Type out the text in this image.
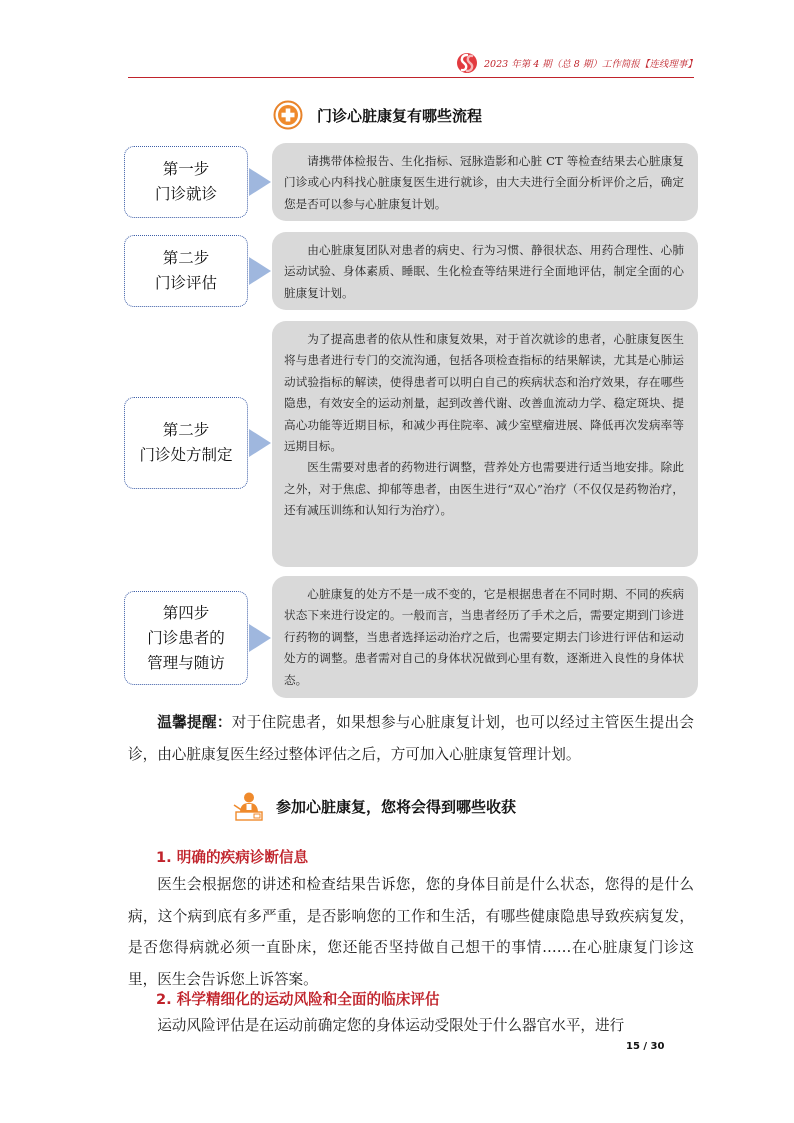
2023 年第 4 期（总 8 期）工作简报【连线理事】
门诊心脏康复有哪些流程
第一步
门诊就诊

请携带体检报告、生化指标、冠脉造影和心脏 CT 等检查结果去心脏康复门诊或心内科找心脏康复医生进行就诊，由大夫进行全面分析评价之后，确定您是否可以参与心脏康复计划。

第二步
门诊评估

由心脏康复团队对患者的病史、行为习惯、静很状态、用药合理性、心肺运动试验、身体素质、睡眠、生化检查等结果进行全面地评估，制定全面的心脏康复计划。

第二步
门诊处方制定

为了提高患者的依从性和康复效果，对于首次就诊的患者，心脏康复医生将与患者进行专门的交流沟通，包括各项检查指标的结果解读，尤其是心肺运动试验指标的解读，使得患者可以明白自己的疾病状态和治疗效果，存在哪些隐患，有效安全的运动剂量，起到改善代谢、改善血流动力学、稳定斑块、提高心功能等近期目标，和减少再住院率、减少室壁瘤进展、降低再次发病率等远期目标。

医生需要对患者的药物进行调整，营养处方也需要进行适当地安排。除此之外，对于焦虑、抑郁等患者，由医生进行“双心”治疗（不仅仅是药物治疗，还有减压训练和认知行为治疗）。

第四步
门诊患者的
管理与随访

心脏康复的处方不是一成不变的，它是根据患者在不同时期、不同的疾病状态下来进行设定的。一般而言，当患者经历了手术之后，需要定期到门诊进行药物的调整，当患者选择运动治疗之后，也需要定期去门诊进行评估和运动处方的调整。患者需对自己的身体状况做到心里有数，逐渐进入良性的身体状态。

温馨提醒：对于住院患者，如果想参与心脏康复计划，也可以经过主管医生提出会诊，由心脏康复医生经过整体评估之后，方可加入心脏康复管理计划。
参加心脏康复，您将会得到哪些收获
1. 明确的疾病诊断信息
医生会根据您的讲述和检查结果告诉您，您的身体目前是什么状态，您得的是什么病，这个病到底有多严重，是否影响您的工作和生活，有哪些健康隐患导致疾病复发，是否您得病就必须一直卧床，您还能否坚持做自己想干的事情……在心脏康复门诊这里，医生会告诉您上诉答案。
2. 科学精细化的运动风险和全面的临床评估
运动风险评估是在运动前确定您的身体运动受限处于什么器官水平，进行
15 / 30
